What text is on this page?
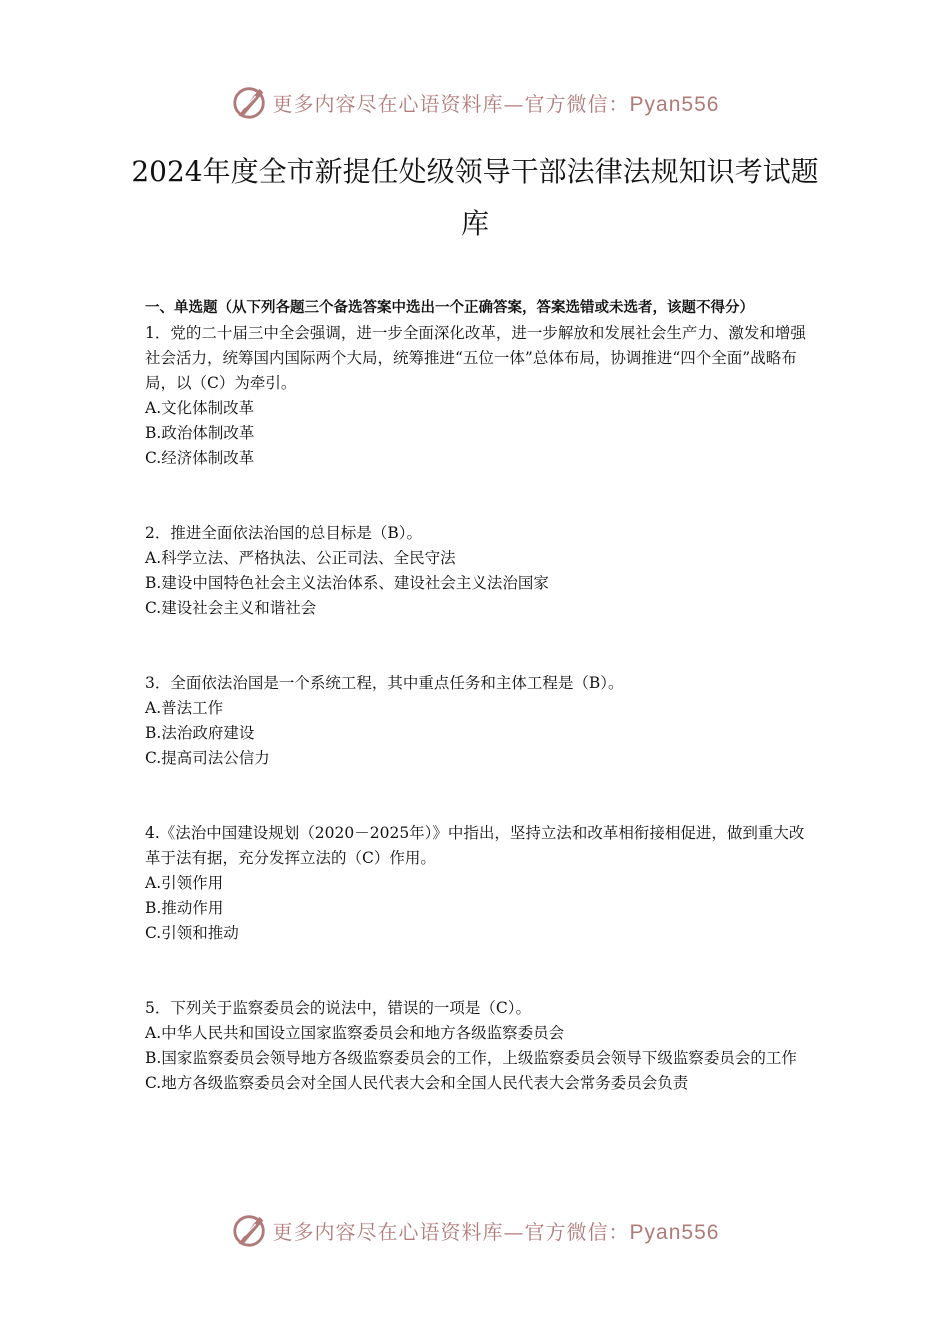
更多内容尽在心语资料库—官方微信：Pyan556
2024年度全市新提任处级领导干部法律法规知识考试题库

一、单选题（从下列各题三个备选答案中选出一个正确答案，答案选错或未选者，该题不得分）

1．党的二十届三中全会强调，进一步全面深化改革，进一步解放和发展社会生产力、激发和增强社会活力，统筹国内国际两个大局，统筹推进“五位一体”总体布局，协调推进“四个全面”战略布局，以（C）为牵引。

A.文化体制改革

B.政治体制改革

C.经济体制改革

2．推进全面依法治国的总目标是（B）。

A.科学立法、严格执法、公正司法、全民守法

B.建设中国特色社会主义法治体系、建设社会主义法治国家

C.建设社会主义和谐社会

3．全面依法治国是一个系统工程，其中重点任务和主体工程是（B）。

A.普法工作

B.法治政府建设

C.提高司法公信力

4.《法治中国建设规划（2020－2025年）》中指出，坚持立法和改革相衔接相促进，做到重大改革于法有据，充分发挥立法的（C）作用。

A.引领作用

B.推动作用

C.引领和推动

5．下列关于监察委员会的说法中，错误的一项是（C）。

A.中华人民共和国设立国家监察委员会和地方各级监察委员会

B.国家监察委员会领导地方各级监察委员会的工作，上级监察委员会领导下级监察委员会的工作

C.地方各级监察委员会对全国人民代表大会和全国人民代表大会常务委员会负责

更多内容尽在心语资料库—官方微信：Pyan556
